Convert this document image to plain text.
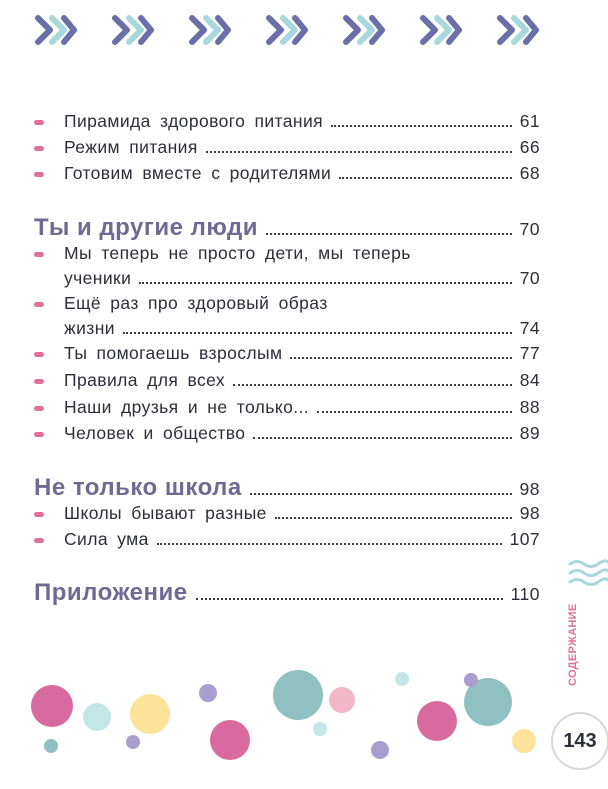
Пирамида здорового питания	61
Режим питания	66
Готовим вместе с родителями	68
Ты и другие люди	70
Мы теперь не просто дети, мы теперь
ученики	70
Ещё раз про здоровый образ
жизни	74
Ты помогаешь взрослым	77
Правила для всех	84
Наши друзья и не только...	88
Человек и общество	89
Не только школа	98
Школы бывают разные	98
Сила ума	107
Приложение	110
СОДЕРЖАНИЕ
143
